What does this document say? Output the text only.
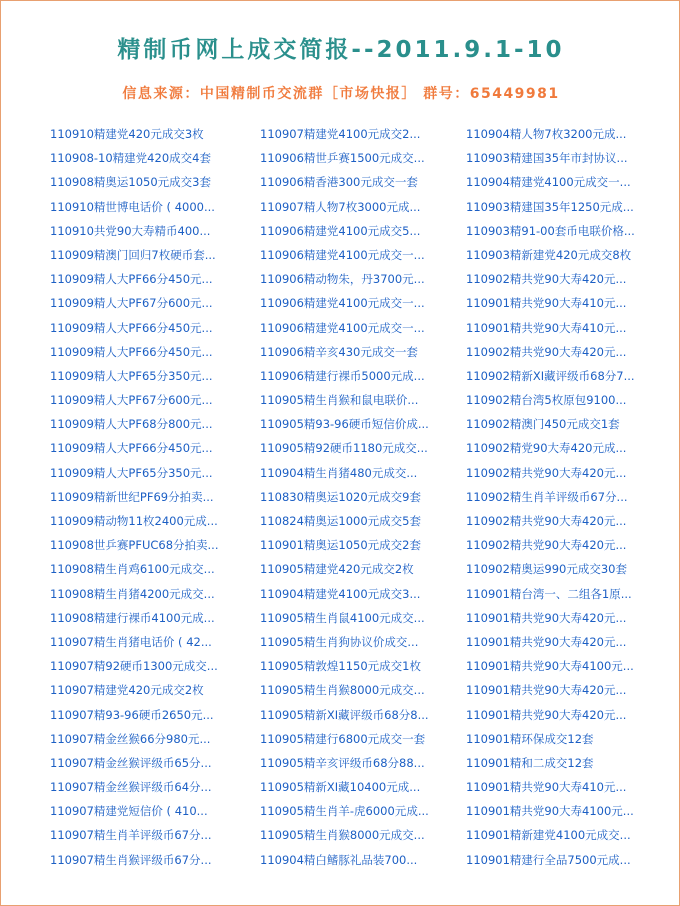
精制币网上成交简报--2011.9.1-10
信息来源：中国精制币交流群［市场快报］ 群号：65449981
110910精建党420元成交3枚
110908-10精建党420成交4套
110908精奥运1050元成交3套
110910精世博电话价 ( 4000...
110910共党90大寿精币400...
110909精澳门回归7枚硬币套...
110909精人大PF66分450元...
110909精人大PF67分600元...
110909精人大PF66分450元...
110909精人大PF66分450元...
110909精人大PF65分350元...
110909精人大PF67分600元...
110909精人大PF68分800元...
110909精人大PF66分450元...
110909精人大PF65分350元...
110909精新世纪PF69分拍卖...
110909精动物11枚2400元成...
110908世乒赛PFUC68分拍卖...
110908精生肖鸡6100元成交...
110908精生肖猪4200元成交...
110908精建行裸币4100元成...
110907精生肖猪电话价 ( 42...
110907精92硬币1300元成交...
110907精建党420元成交2枚
110907精93-96硬币2650元...
110907精金丝猴66分980元...
110907精金丝猴评级币65分...
110907精金丝猴评级币64分...
110907精建党短信价 ( 410...
110907精生肖羊评级币67分...
110907精生肖猴评级币67分...
110907精建党4100元成交2...
110906精世乒赛1500元成交...
110906精香港300元成交一套
110907精人物7枚3000元成...
110906精建党4100元成交5...
110906精建党4100元成交一...
110906精动物朱，丹3700元...
110906精建党4100元成交一...
110906精建党4100元成交一...
110906精辛亥430元成交一套
110906精建行裸币5000元成...
110905精生肖猴和鼠电联价...
110905精93-96硬币短信价成...
110905精92硬币1180元成交...
110904精生肖猪480元成交...
110830精奥运1020元成交9套
110824精奥运1000元成交5套
110901精奥运1050元成交2套
110905精建党420元成交2枚
110904精建党4100元成交3...
110905精生肖鼠4100元成交...
110905精生肖狗协议价成交...
110905精敦煌1150元成交1枚
110905精生肖猴8000元成交...
110905精新XI藏评级币68分8...
110905精建行6800元成交一套
110905精辛亥评级币68分88...
110905精新XI藏10400元成...
110905精生肖羊-虎6000元成...
110905精生肖猴8000元成交...
110904精白鳍豚礼品装700...
110904精人物7枚3200元成...
110903精建国35年市封协议...
110904精建党4100元成交一...
110903精建国35年1250元成...
110903精91-00套币电联价格...
110903精新建党420元成交8枚
110902精共党90大寿420元...
110901精共党90大寿410元...
110901精共党90大寿410元...
110902精共党90大寿420元...
110902精新XI藏评级币68分7...
110902精台湾5枚原包9100...
110902精澳门450元成交1套
110902精党90大寿420元成...
110902精共党90大寿420元...
110902精生肖羊评级币67分...
110902精共党90大寿420元...
110902精共党90大寿420元...
110902精奥运990元成交30套
110901精台湾一、二组各1原...
110901精共党90大寿420元...
110901精共党90大寿420元...
110901精共党90大寿4100元...
110901精共党90大寿420元...
110901精共党90大寿420元...
110901精环保成交12套
110901精和二成交12套
110901精共党90大寿410元...
110901精共党90大寿4100元...
110901精新建党4100元成交...
110901精建行全品7500元成...
